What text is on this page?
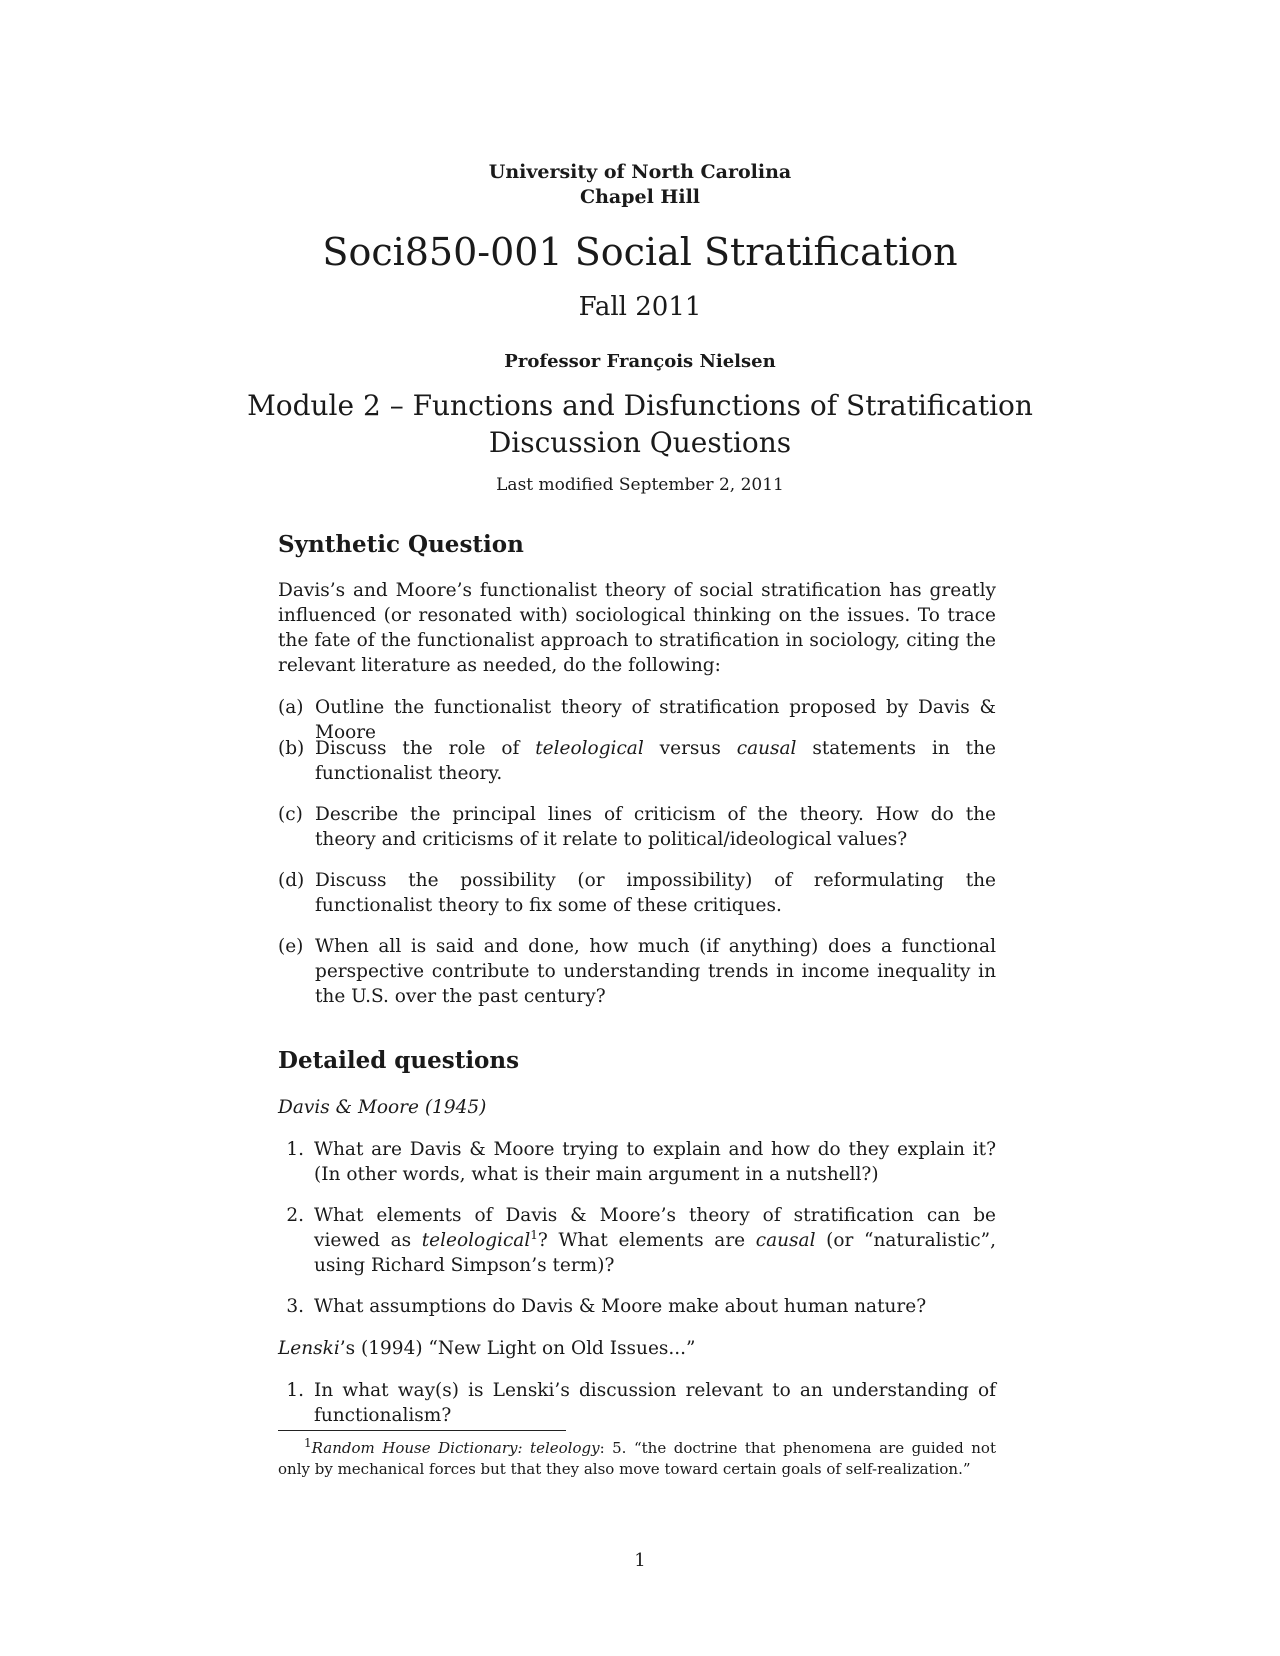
University of North Carolina
Chapel Hill
Soci850-001 Social Stratification
Fall 2011
Professor François Nielsen
Module 2 – Functions and Disfunctions of Stratification
Discussion Questions
Last modified September 2, 2011
Synthetic Question
Davis’s and Moore’s functionalist theory of social stratification has greatly influenced (or resonated with) sociological thinking on the issues. To trace the fate of the functionalist approach to stratification in sociology, citing the relevant literature as needed, do the following:
(a) Outline the functionalist theory of stratification proposed by Davis & Moore
(b) Discuss the role of teleological versus causal statements in the functionalist theory.
(c) Describe the principal lines of criticism of the theory. How do the theory and criticisms of it relate to political/ideological values?
(d) Discuss the possibility (or impossibility) of reformulating the functionalist theory to fix some of these critiques.
(e) When all is said and done, how much (if anything) does a functional perspective contribute to understanding trends in income inequality in the U.S. over the past century?
Detailed questions
Davis & Moore (1945)
1. What are Davis & Moore trying to explain and how do they explain it? (In other words, what is their main argument in a nutshell?)
2. What elements of Davis & Moore’s theory of stratification can be viewed as teleological$^1$? What elements are causal (or “naturalistic”, using Richard Simpson’s term)?
3. What assumptions do Davis & Moore make about human nature?
Lenski’s (1994) “New Light on Old Issues...”
1. In what way(s) is Lenski’s discussion relevant to an understanding of functionalism?
$^1$Random House Dictionary: teleology: 5. “the doctrine that phenomena are guided not only by mechanical forces but that they also move toward certain goals of self-realization.”
1
